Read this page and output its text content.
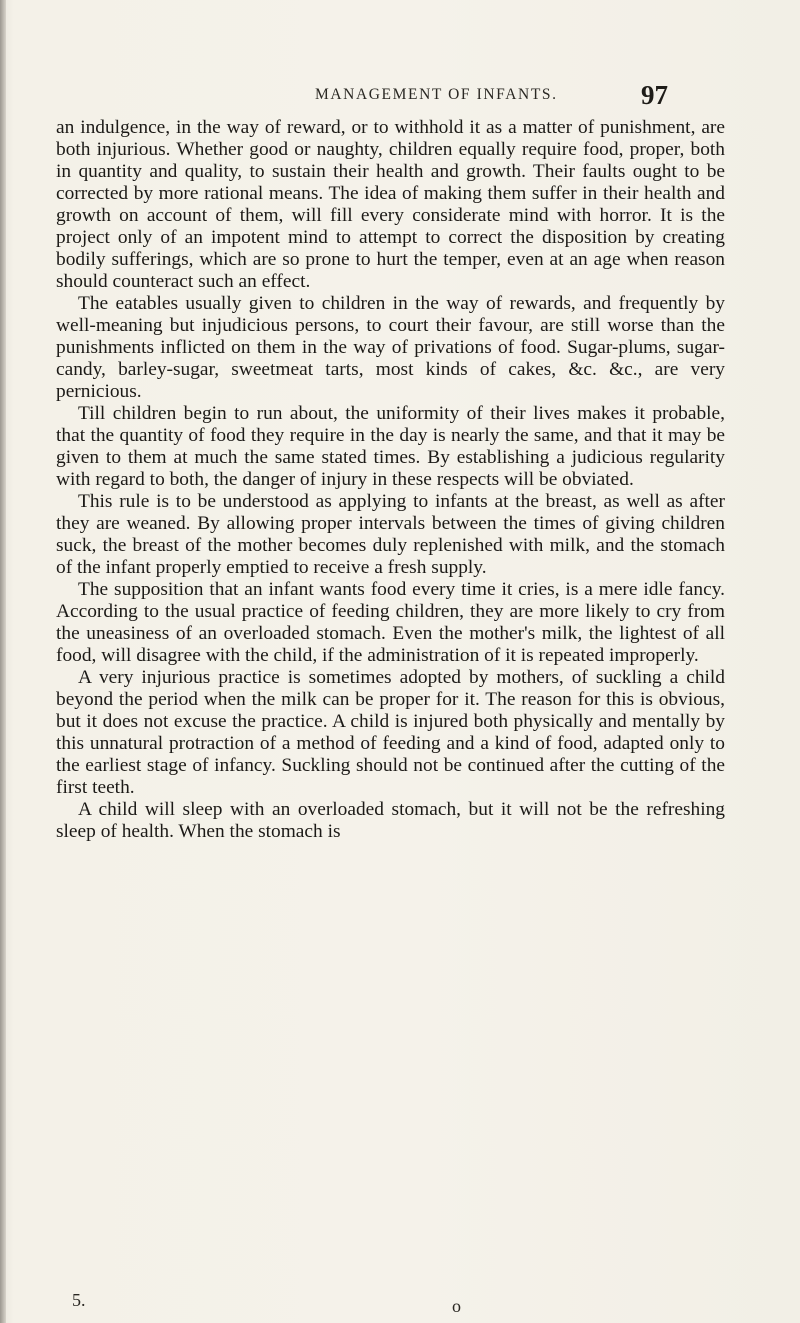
MANAGEMENT OF INFANTS.	97

an indulgence, in the way of reward, or to withhold it as a matter of punishment, are both injurious. Whether good or naughty, children equally require food, proper, both in quantity and quality, to sustain their health and growth. Their faults ought to be corrected by more rational means. The idea of making them suffer in their health and growth on account of them, will fill every considerate mind with horror. It is the project only of an impotent mind to attempt to correct the disposition by creating bodily sufferings, which are so prone to hurt the temper, even at an age when reason should counteract such an effect.

The eatables usually given to children in the way of rewards, and frequently by well-meaning but injudicious persons, to court their favour, are still worse than the punishments inflicted on them in the way of privations of food. Sugar-plums, sugar-candy, barley-sugar, sweetmeat tarts, most kinds of cakes, &c. &c., are very pernicious.

Till children begin to run about, the uniformity of their lives makes it probable, that the quantity of food they require in the day is nearly the same, and that it may be given to them at much the same stated times. By establishing a judicious regularity with regard to both, the danger of injury in these respects will be obviated.

This rule is to be understood as applying to infants at the breast, as well as after they are weaned. By allowing proper intervals between the times of giving children suck, the breast of the mother becomes duly replenished with milk, and the stomach of the infant properly emptied to receive a fresh supply.

The supposition that an infant wants food every time it cries, is a mere idle fancy. According to the usual practice of feeding children, they are more likely to cry from the uneasiness of an overloaded stomach. Even the mother's milk, the lightest of all food, will disagree with the child, if the administration of it is repeated improperly.

A very injurious practice is sometimes adopted by mothers, of suckling a child beyond the period when the milk can be proper for it. The reason for this is obvious, but it does not excuse the practice. A child is injured both physically and mentally by this unnatural protraction of a method of feeding and a kind of food, adapted only to the earliest stage of infancy. Suckling should not be continued after the cutting of the first teeth.

A child will sleep with an overloaded stomach, but it will not be the refreshing sleep of health. When the stomach is

5.	o
